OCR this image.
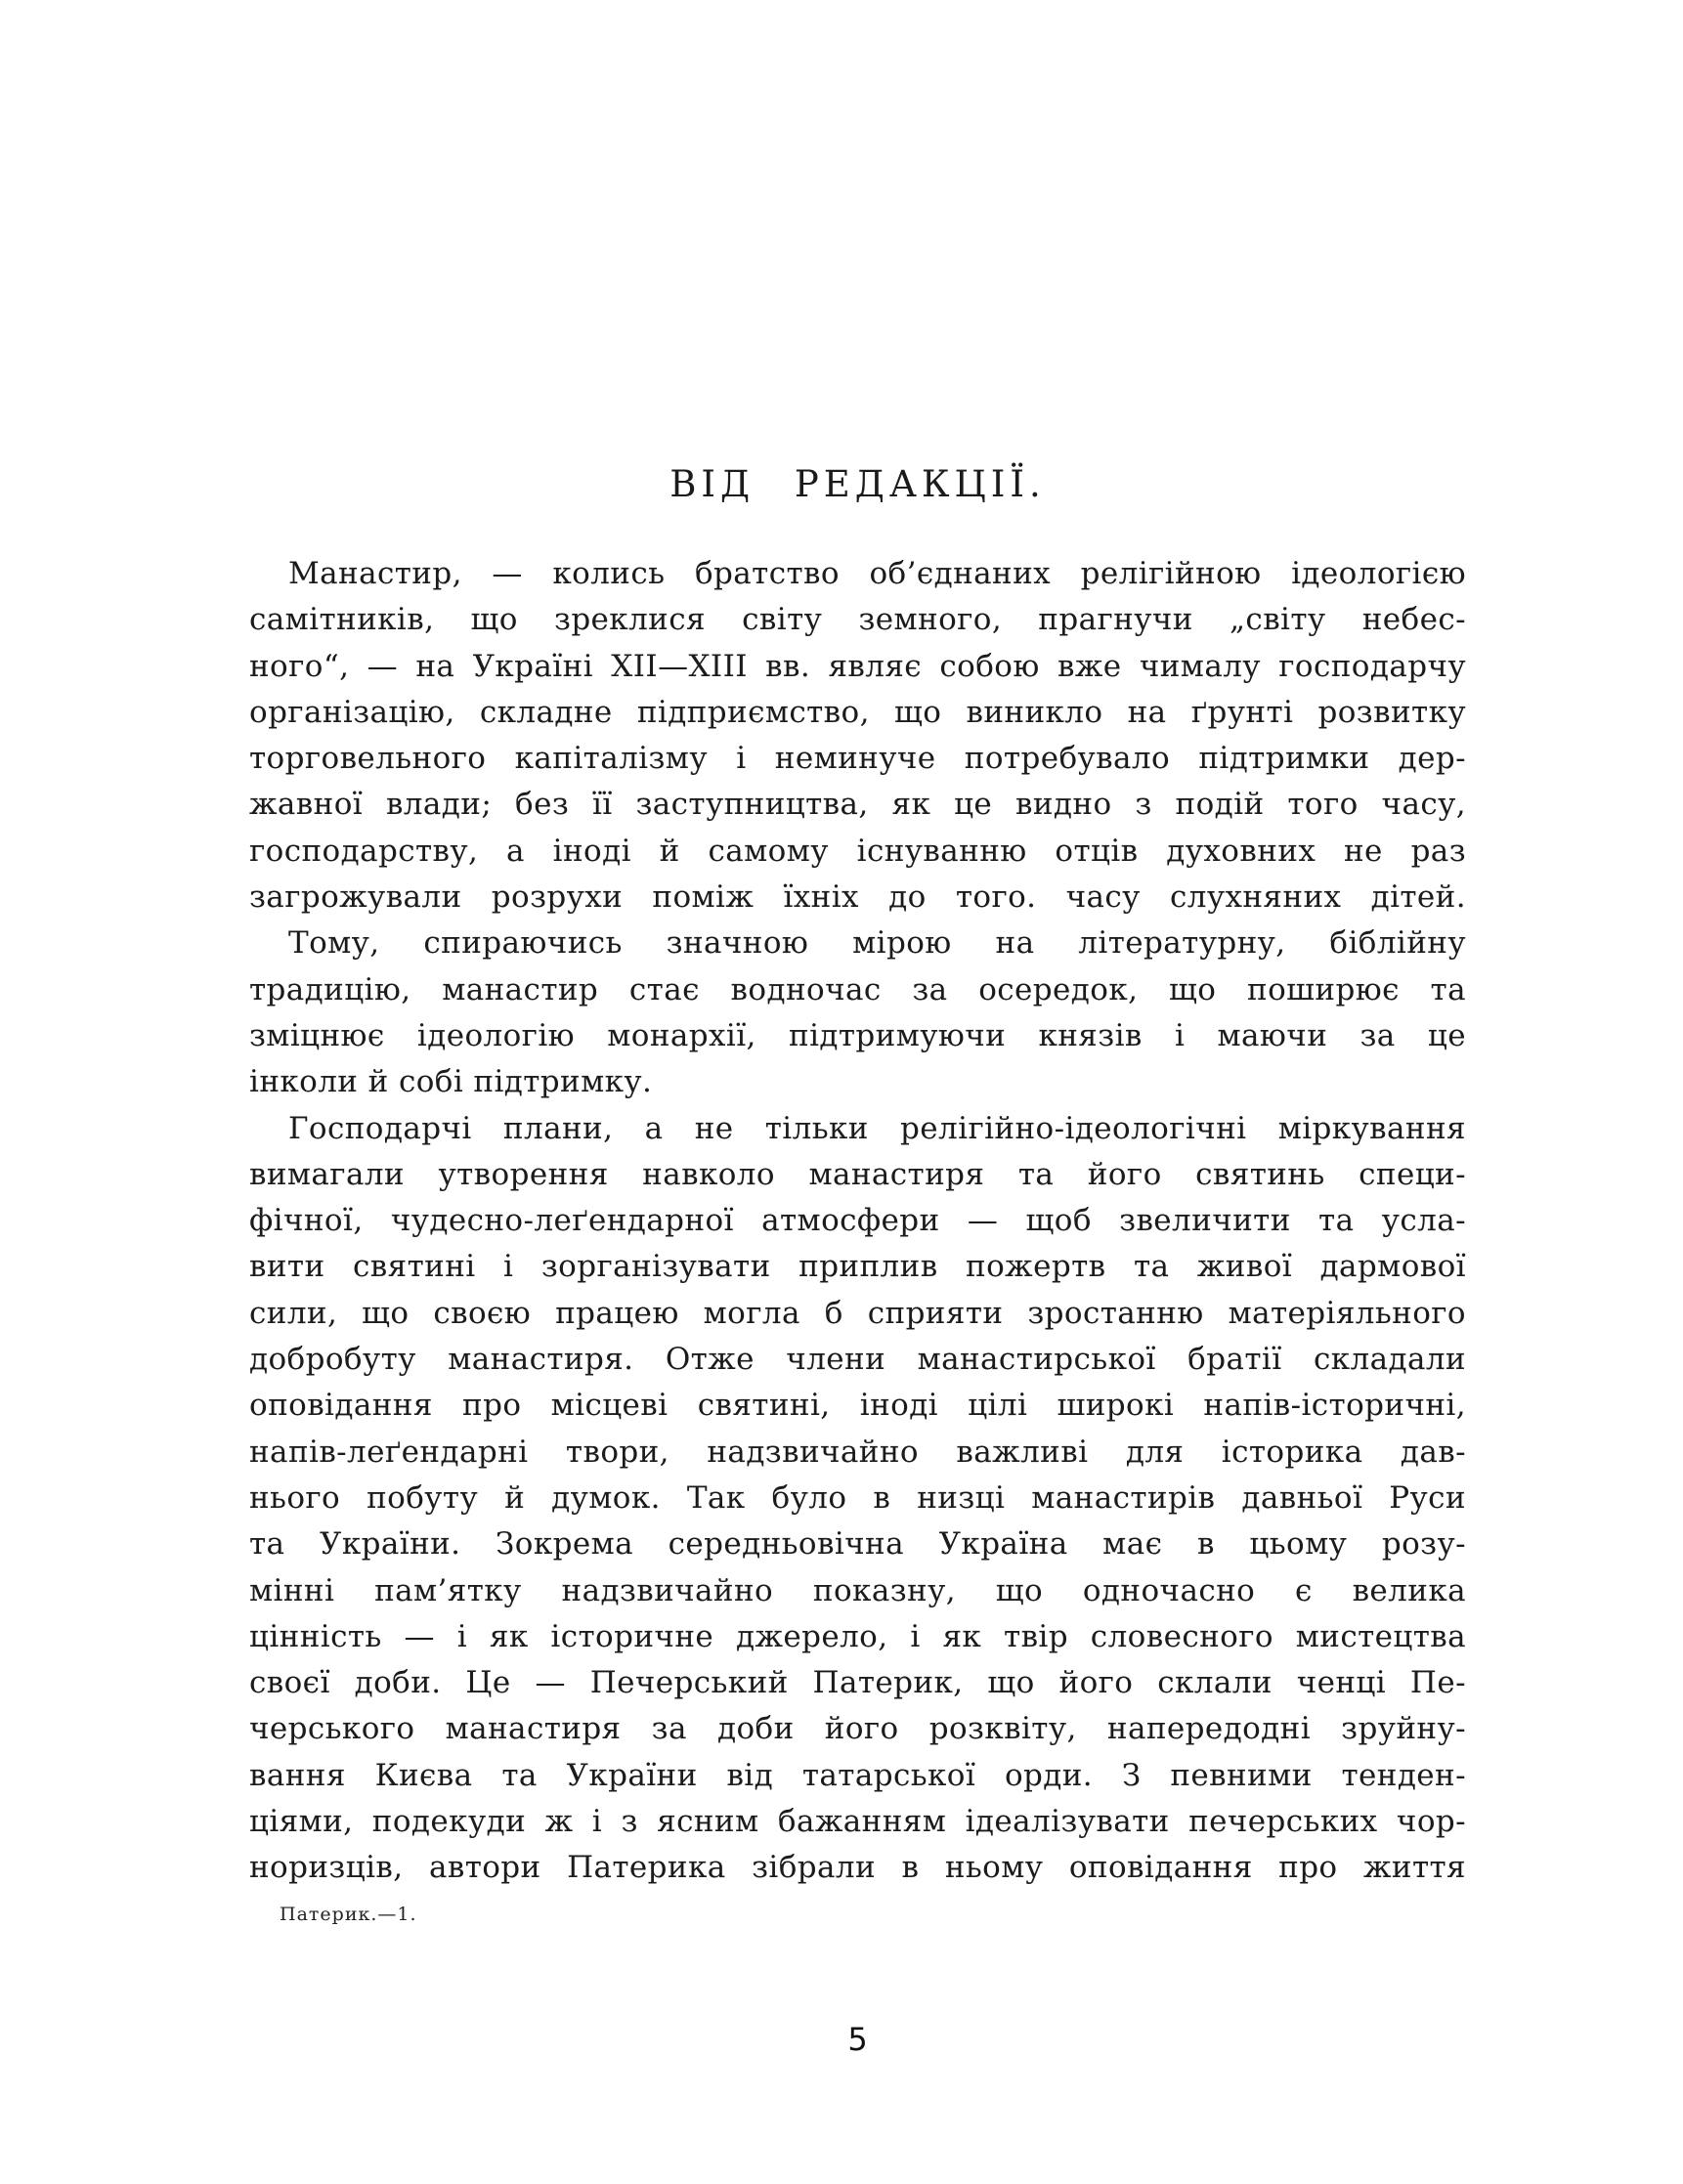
ВІД РЕДАКЦІЇ.
Манастир, — колись братство об’єднаних релігійною ідеологією
самітників, що зреклися світу земного, прагнучи „світу небес-
ного“, — на Україні XII—XIII вв. являє собою вже чималу господарчу
організацію, складне підприємство, що виникло на ґрунті розвитку
торговельного капіталізму і неминуче потребувало підтримки дер-
жавної влади; без її заступництва, як це видно з подій того часу,
господарству, а іноді й самому існуванню отців духовних не раз
загрожували розрухи поміж їхніх до того. часу слухняних дітей.
Тому, спираючись значною мірою на літературну, біблійну
традицію, манастир стає водночас за осередок, що поширює та
зміцнює ідеологію монархії, підтримуючи князів і маючи за це
інколи й собі підтримку.
Господарчі плани, а не тільки релігійно-ідеологічні міркування
вимагали утворення навколо манастиря та його святинь специ-
фічної, чудесно-леґендарної атмосфери — щоб звеличити та усла-
вити святині і зорганізувати приплив пожертв та живої дармової
сили, що своєю працею могла б сприяти зростанню матеріяльного
добробуту манастиря. Отже члени манастирської братії складали
оповідання про місцеві святині, іноді цілі широкі напів-історичні,
напів-леґендарні твори, надзвичайно важливі для історика дав-
нього побуту й думок. Так було в низці манастирів давньої Руси
та України. Зокрема середньовічна Україна має в цьому розу-
мінні пам’ятку надзвичайно показну, що одночасно є велика
цінність — і як історичне джерело, і як твір словесного мистецтва
своєї доби. Це — Печерський Патерик, що його склали ченці Пе-
черського манастиря за доби його розквіту, напередодні зруйну-
вання Києва та України від татарської орди. З певними тенден-
ціями, подекуди ж і з ясним бажанням ідеалізувати печерських чор-
норизців, автори Патерика зібрали в ньому оповідання про життя
Патерик.—1.
5
